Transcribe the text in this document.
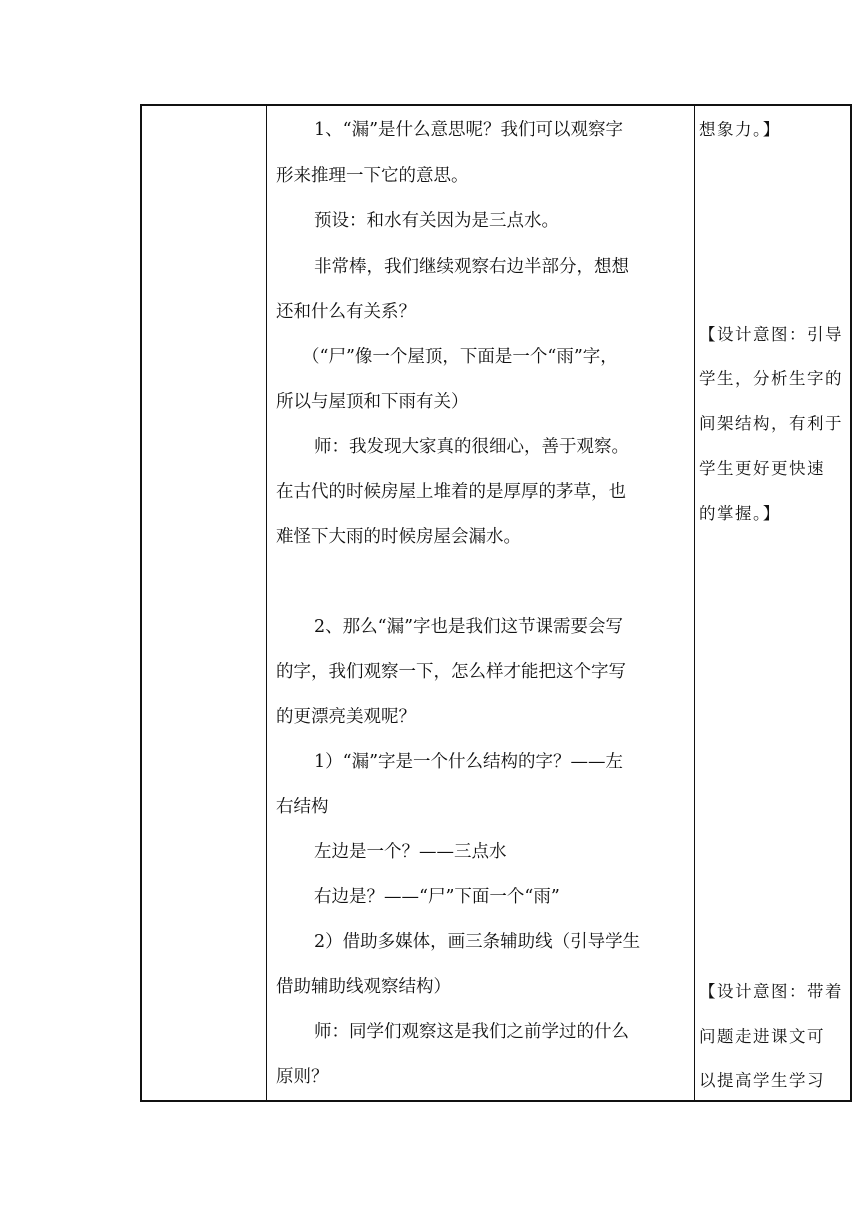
1、“漏”是什么意思呢？我们可以观察字
形来推理一下它的意思。
预设：和水有关因为是三点水。
非常棒，我们继续观察右边半部分，想想
还和什么有关系？
（“尸”像一个屋顶，下面是一个“雨”字，
所以与屋顶和下雨有关）
师：我发现大家真的很细心，善于观察。
在古代的时候房屋上堆着的是厚厚的茅草，也
难怪下大雨的时候房屋会漏水。
2、那么“漏”字也是我们这节课需要会写
的字，我们观察一下，怎么样才能把这个字写
的更漂亮美观呢？
1）“漏”字是一个什么结构的字？——左
右结构
左边是一个？——三点水
右边是？——“尸”下面一个“雨”
2）借助多媒体，画三条辅助线（引导学生
借助辅助线观察结构）
师：同学们观察这是我们之前学过的什么
原则？
想象力。】
【设计意图：引导
学生，分析生字的
间架结构，有利于
学生更好更快速
的掌握。】
【设计意图：带着
问题走进课文可
以提高学生学习
